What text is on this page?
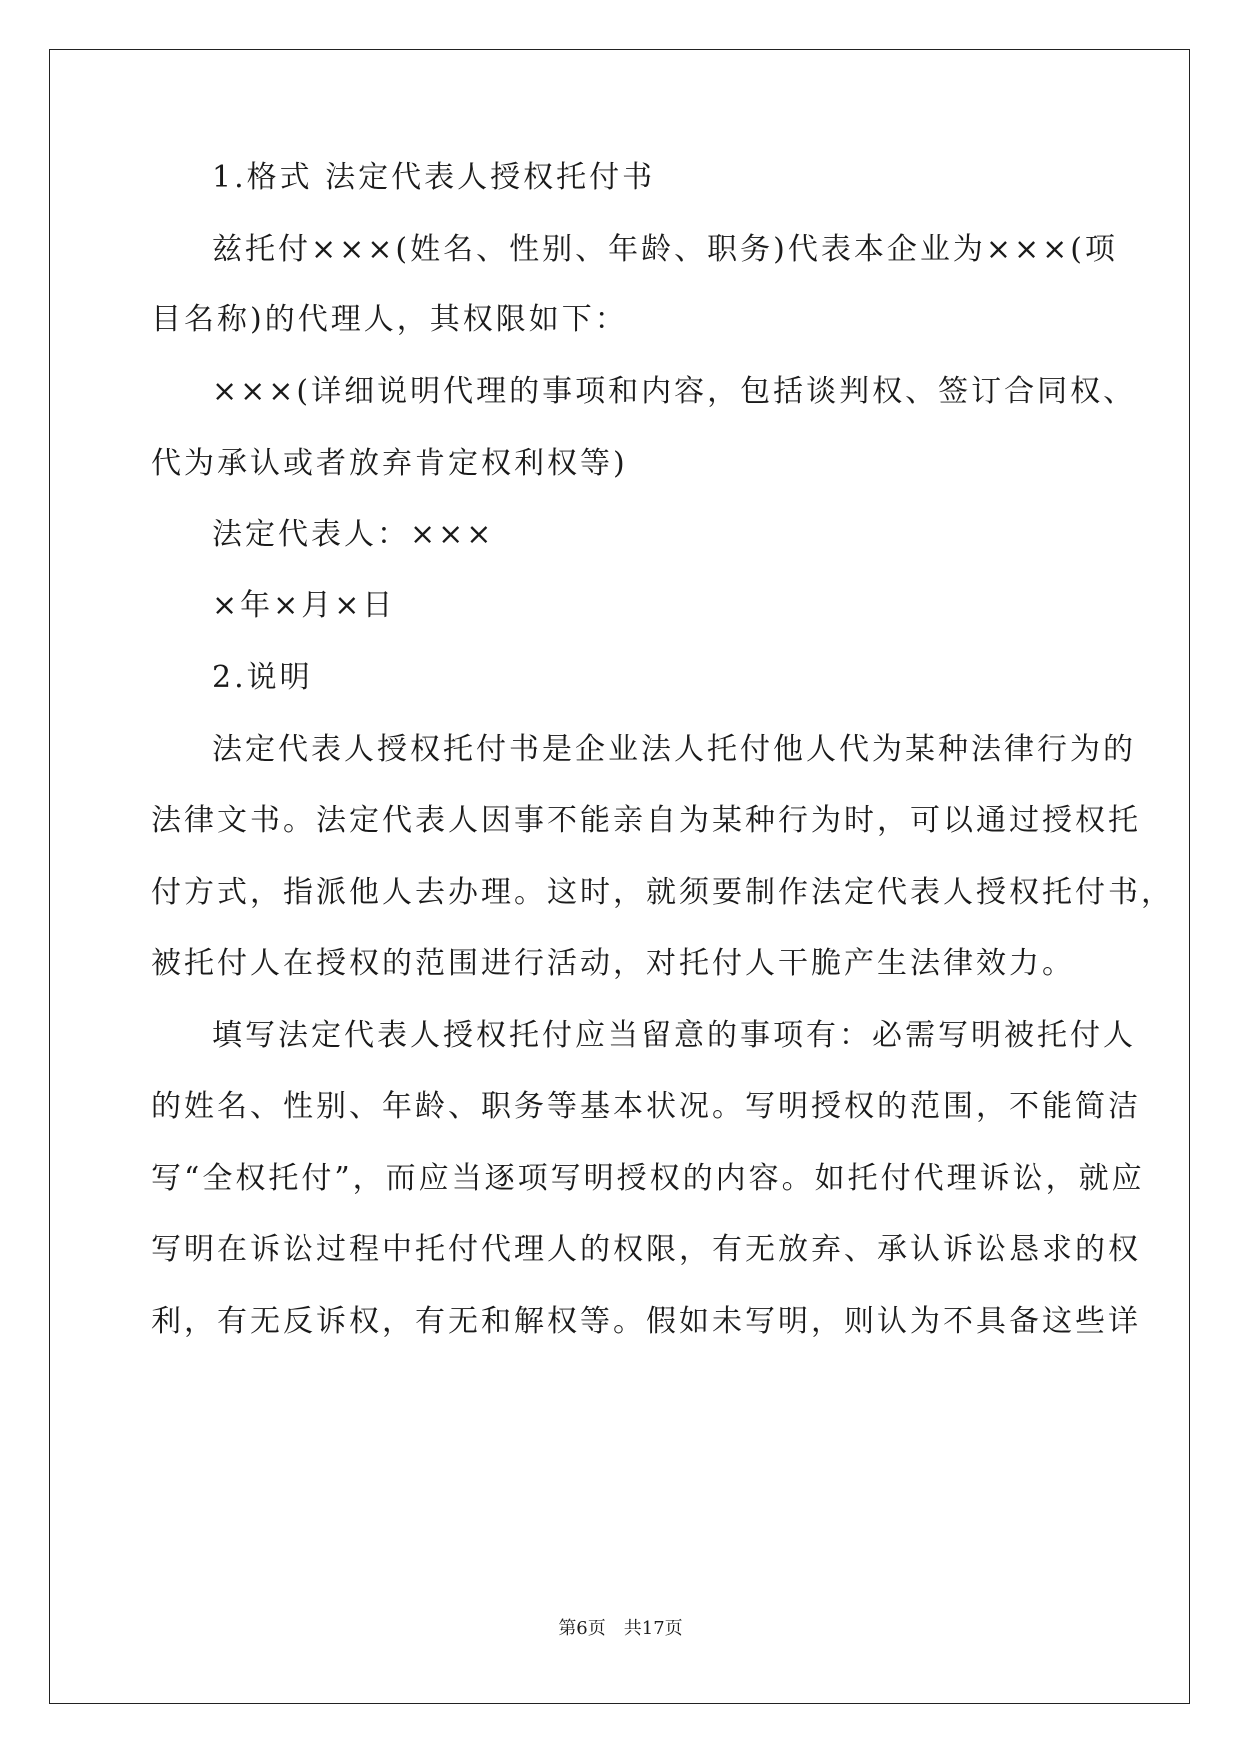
1.格式 法定代表人授权托付书
兹托付×××(姓名、性别、年龄、职务)代表本企业为×××(项
目名称)的代理人，其权限如下：
×××(详细说明代理的事项和内容，包括谈判权、签订合同权、
代为承认或者放弃肯定权利权等)
法定代表人：×××
×年×月×日
2.说明
法定代表人授权托付书是企业法人托付他人代为某种法律行为的
法律文书。法定代表人因事不能亲自为某种行为时，可以通过授权托
付方式，指派他人去办理。这时，就须要制作法定代表人授权托付书，
被托付人在授权的范围进行活动，对托付人干脆产生法律效力。
填写法定代表人授权托付应当留意的事项有：必需写明被托付人
的姓名、性别、年龄、职务等基本状况。写明授权的范围，不能简洁
写“全权托付”，而应当逐项写明授权的内容。如托付代理诉讼，就应
写明在诉讼过程中托付代理人的权限，有无放弃、承认诉讼恳求的权
利，有无反诉权，有无和解权等。假如未写明，则认为不具备这些详
第6页 共17页
